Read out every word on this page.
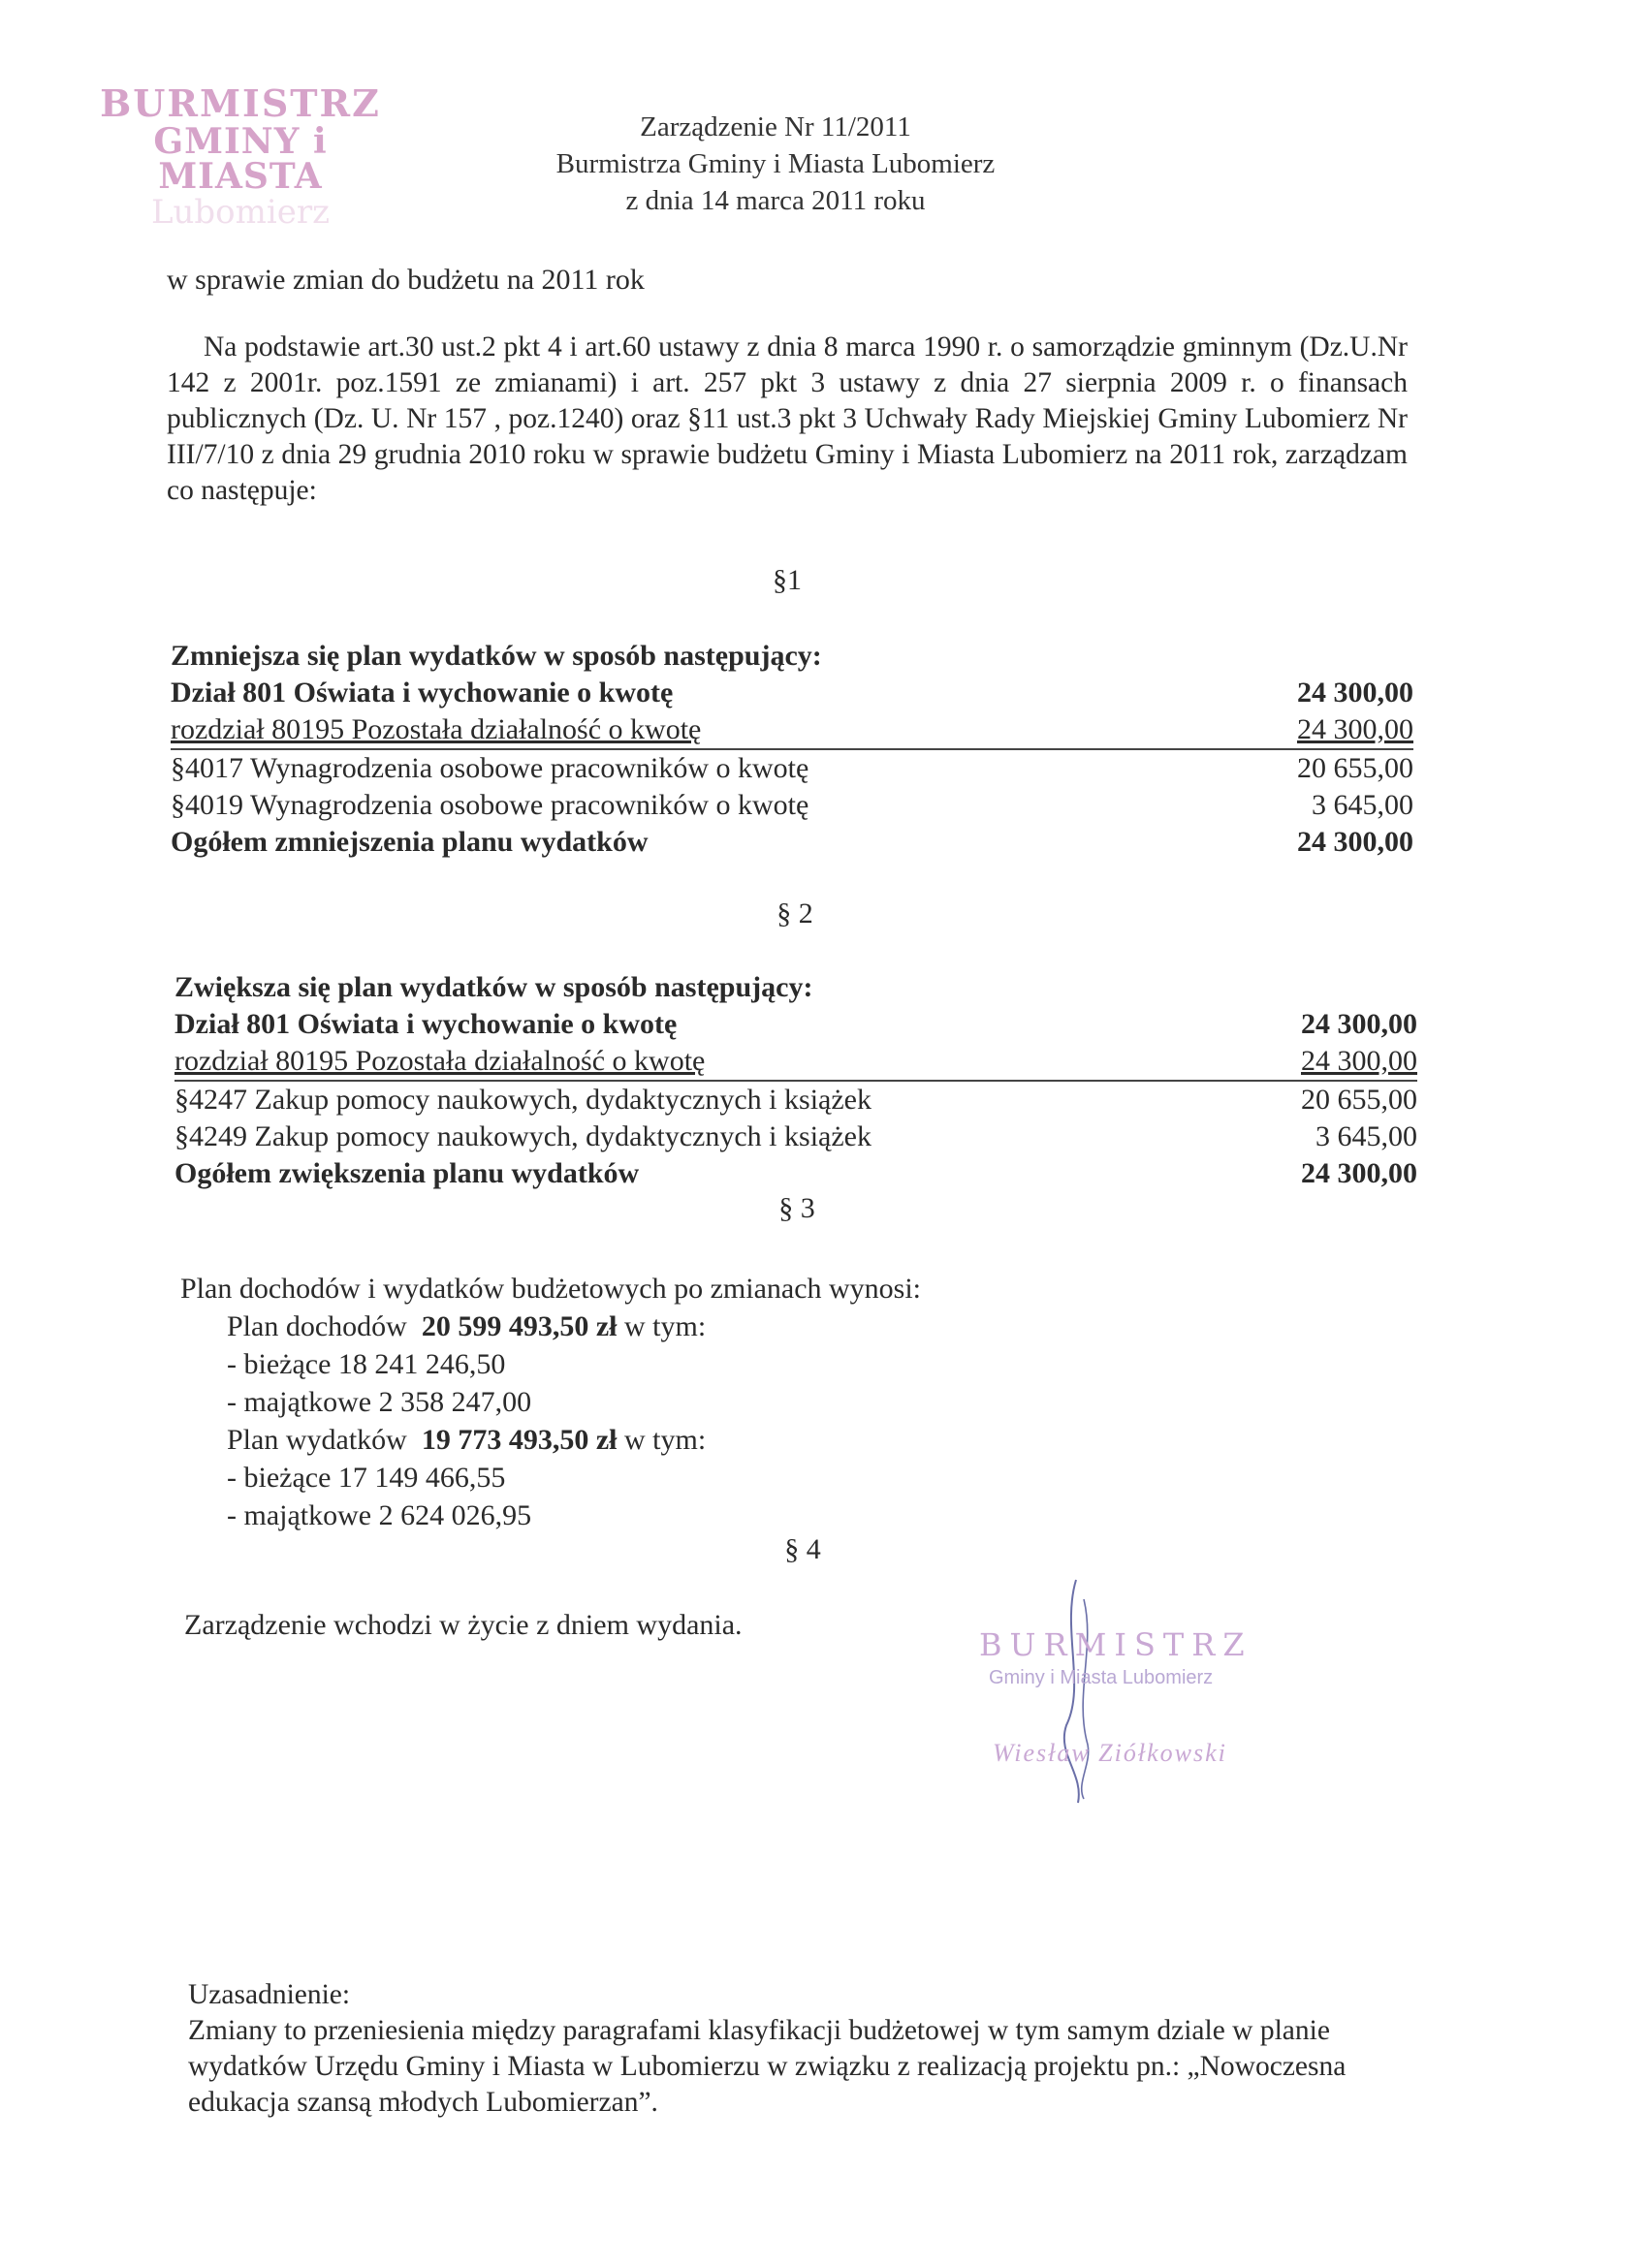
BURMISTRZ
GMINY i MIASTA
Lubomierz
Zarządzenie Nr 11/2011
Burmistrza Gminy i Miasta Lubomierz
z dnia 14 marca 2011 roku
w sprawie zmian do budżetu na 2011 rok
Na podstawie art.30 ust.2 pkt 4 i art.60 ustawy z dnia 8 marca 1990 r. o samorządzie gminnym (Dz.U.Nr 142 z 2001r. poz.1591 ze zmianami) i art. 257 pkt 3 ustawy z dnia 27 sierpnia 2009 r. o finansach publicznych (Dz. U. Nr 157 , poz.1240) oraz §11 ust.3 pkt 3 Uchwały Rady Miejskiej Gminy Lubomierz Nr III/7/10 z dnia 29 grudnia 2010 roku w sprawie budżetu Gminy i Miasta Lubomierz na 2011 rok, zarządzam co następuje:
§1
Zmniejsza się plan wydatków w sposób następujący:
Dział 801 Oświata i wychowanie o kwotę	24 300,00
rozdział 80195 Pozostała działalność o kwotę	24 300,00
§4017 Wynagrodzenia osobowe pracowników o kwotę	20 655,00
§4019 Wynagrodzenia osobowe pracowników o kwotę	3 645,00
Ogółem zmniejszenia planu wydatków	24 300,00
§ 2
Zwiększa się plan wydatków w sposób następujący:
Dział 801 Oświata i wychowanie o kwotę	24 300,00
rozdział 80195 Pozostała działalność o kwotę	24 300,00
§4247 Zakup pomocy naukowych, dydaktycznych i książek	20 655,00
§4249 Zakup pomocy naukowych, dydaktycznych i książek	3 645,00
Ogółem zwiększenia planu wydatków	24 300,00
§ 3
Plan dochodów i wydatków budżetowych po zmianach wynosi:
Plan dochodów 20 599 493,50 zł w tym:
- bieżące 18 241 246,50
- majątkowe 2 358 247,00
Plan wydatków 19 773 493,50 zł w tym:
- bieżące 17 149 466,55
- majątkowe 2 624 026,95
§ 4
Zarządzenie wchodzi w życie z dniem wydania.
BURMISTRZ
Gminy i Miasta Lubomierz
Wiesław Ziółkowski
Uzasadnienie:
Zmiany to przeniesienia między paragrafami klasyfikacji budżetowej w tym samym dziale w planie wydatków Urzędu Gminy i Miasta w Lubomierzu w związku z realizacją projektu pn.: „Nowoczesna edukacja szansą młodych Lubomierzan”.
